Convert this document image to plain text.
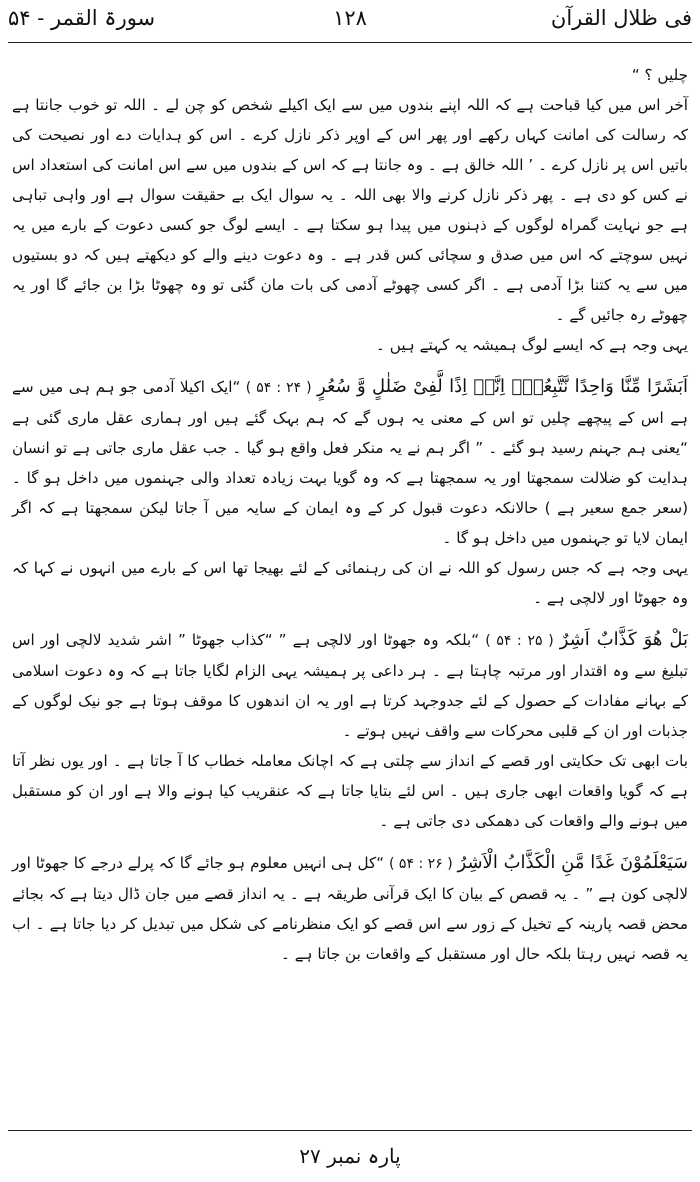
فی ظلال القرآن
۱۲۸
سورۃ القمر - ۵۴

چلیں ؟ “

آخر اس میں کیا قباحت ہے کہ اللہ اپنے بندوں میں سے ایک اکیلے شخص کو چن لے ۔ اللہ تو خوب جانتا ہے کہ رسالت کی امانت کہاں رکھے اور پھر اس کے اوپر ذکر نازل کرے ۔ اس کو ہدایات دے اور نصیحت کی باتیں اس پر نازل کرے ۔ ’ اللہ خالق ہے ۔ وہ جانتا ہے کہ اس کے بندوں میں سے اس امانت کی استعداد اس نے کس کو دی ہے ۔ پھر ذکر نازل کرنے والا بھی اللہ ۔ یہ سوال ایک بے حقیقت سوال ہے اور واہی تباہی ہے جو نہایت گمراہ لوگوں کے ذہنوں میں پیدا ہو سکتا ہے ۔ ایسے لوگ جو کسی دعوت کے بارے میں یہ نہیں سوچتے کہ اس میں صدق و سچائی کس قدر ہے ۔ وہ دعوت دینے والے کو دیکھتے ہیں کہ دو بستیوں میں سے یہ کتنا بڑا آدمی ہے ۔ اگر کسی چھوٹے آدمی کی بات مان گئی تو وہ چھوٹا بڑا بن جائے گا اور یہ چھوٹے رہ جائیں گے ۔

یہی وجہ ہے کہ ایسے لوگ ہمیشہ یہ کہتے ہیں ۔

اَبَشَرًا مِّنَّا وَاحِدًا نَّتَّبِعُهٗۤ اِنَّاۤ اِذًا لَّفِیْ ضَلٰلٍ وَّ سُعُرٍ ( ۵۴ : ۲۴ ) “ایک اکیلا آدمی جو ہم ہی میں سے ہے اس کے پیچھے چلیں تو اس کے معنی یہ ہوں گے کہ ہم بہک گئے ہیں اور ہماری عقل ماری گئی ہے “یعنی ہم جہنم رسید ہو گئے ۔ ” اگر ہم نے یہ منکر فعل واقع ہو گیا ۔ جب عقل ماری جاتی ہے تو انسان ہدایت کو ضلالت سمجھتا اور یہ سمجھتا ہے کہ وہ گویا بہت زیادہ تعداد والی جہنموں میں داخل ہو گا ۔ (سعر جمع سعیر ہے ) حالانکہ دعوت قبول کر کے وہ ایمان کے سایہ میں آ جاتا لیکن سمجھتا ہے کہ اگر ایمان لایا تو جہنموں میں داخل ہو گا ۔

یہی وجہ ہے کہ جس رسول کو اللہ نے ان کی رہنمائی کے لئے بھیجا تھا اس کے بارے میں انہوں نے کہا کہ وہ جھوٹا اور لالچی ہے ۔

بَلْ هُوَ كَذَّابٌ اَشِرٌ ( ۵۴ : ۲۵ ) “بلکہ وہ جھوٹا اور لالچی ہے ” “کذاب جھوٹا ” اشر شدید لالچی اور اس تبلیغ سے وہ اقتدار اور مرتبہ چاہتا ہے ۔ ہر داعی پر ہمیشہ یہی الزام لگایا جاتا ہے کہ وہ دعوت اسلامی کے بہانے مفادات کے حصول کے لئے جدوجہد کرتا ہے اور یہ ان اندھوں کا موقف ہوتا ہے جو نیک لوگوں کے جذبات اور ان کے قلبی محرکات سے واقف نہیں ہوتے ۔

بات ابھی تک حکایتی اور قصے کے انداز سے چلتی ہے کہ اچانک معاملہ خطاب کا آ جاتا ہے ۔ اور یوں نظر آتا ہے کہ گویا واقعات ابھی جاری ہیں ۔ اس لئے بتایا جاتا ہے کہ عنقریب کیا ہونے والا ہے اور ان کو مستقبل میں ہونے والے واقعات کی دھمکی دی جاتی ہے ۔

سَیَعْلَمُوْنَ غَدًا مَّنِ الْكَذَّابُ الْاَشِرُ ( ۵۴ : ۲۶ ) “کل ہی انہیں معلوم ہو جائے گا کہ پرلے درجے کا جھوٹا اور لالچی کون ہے ” ۔ یہ قصص کے بیان کا ایک قرآنی طریقہ ہے ۔ یہ انداز قصے میں جان ڈال دیتا ہے کہ بجائے محض قصہ پارینہ کے تخیل کے زور سے اس قصے کو ایک منظرنامے کی شکل میں تبدیل کر دیا جاتا ہے ۔ اب یہ قصہ نہیں رہتا بلکہ حال اور مستقبل کے واقعات بن جاتا ہے ۔

پارہ نمبر ۲۷
